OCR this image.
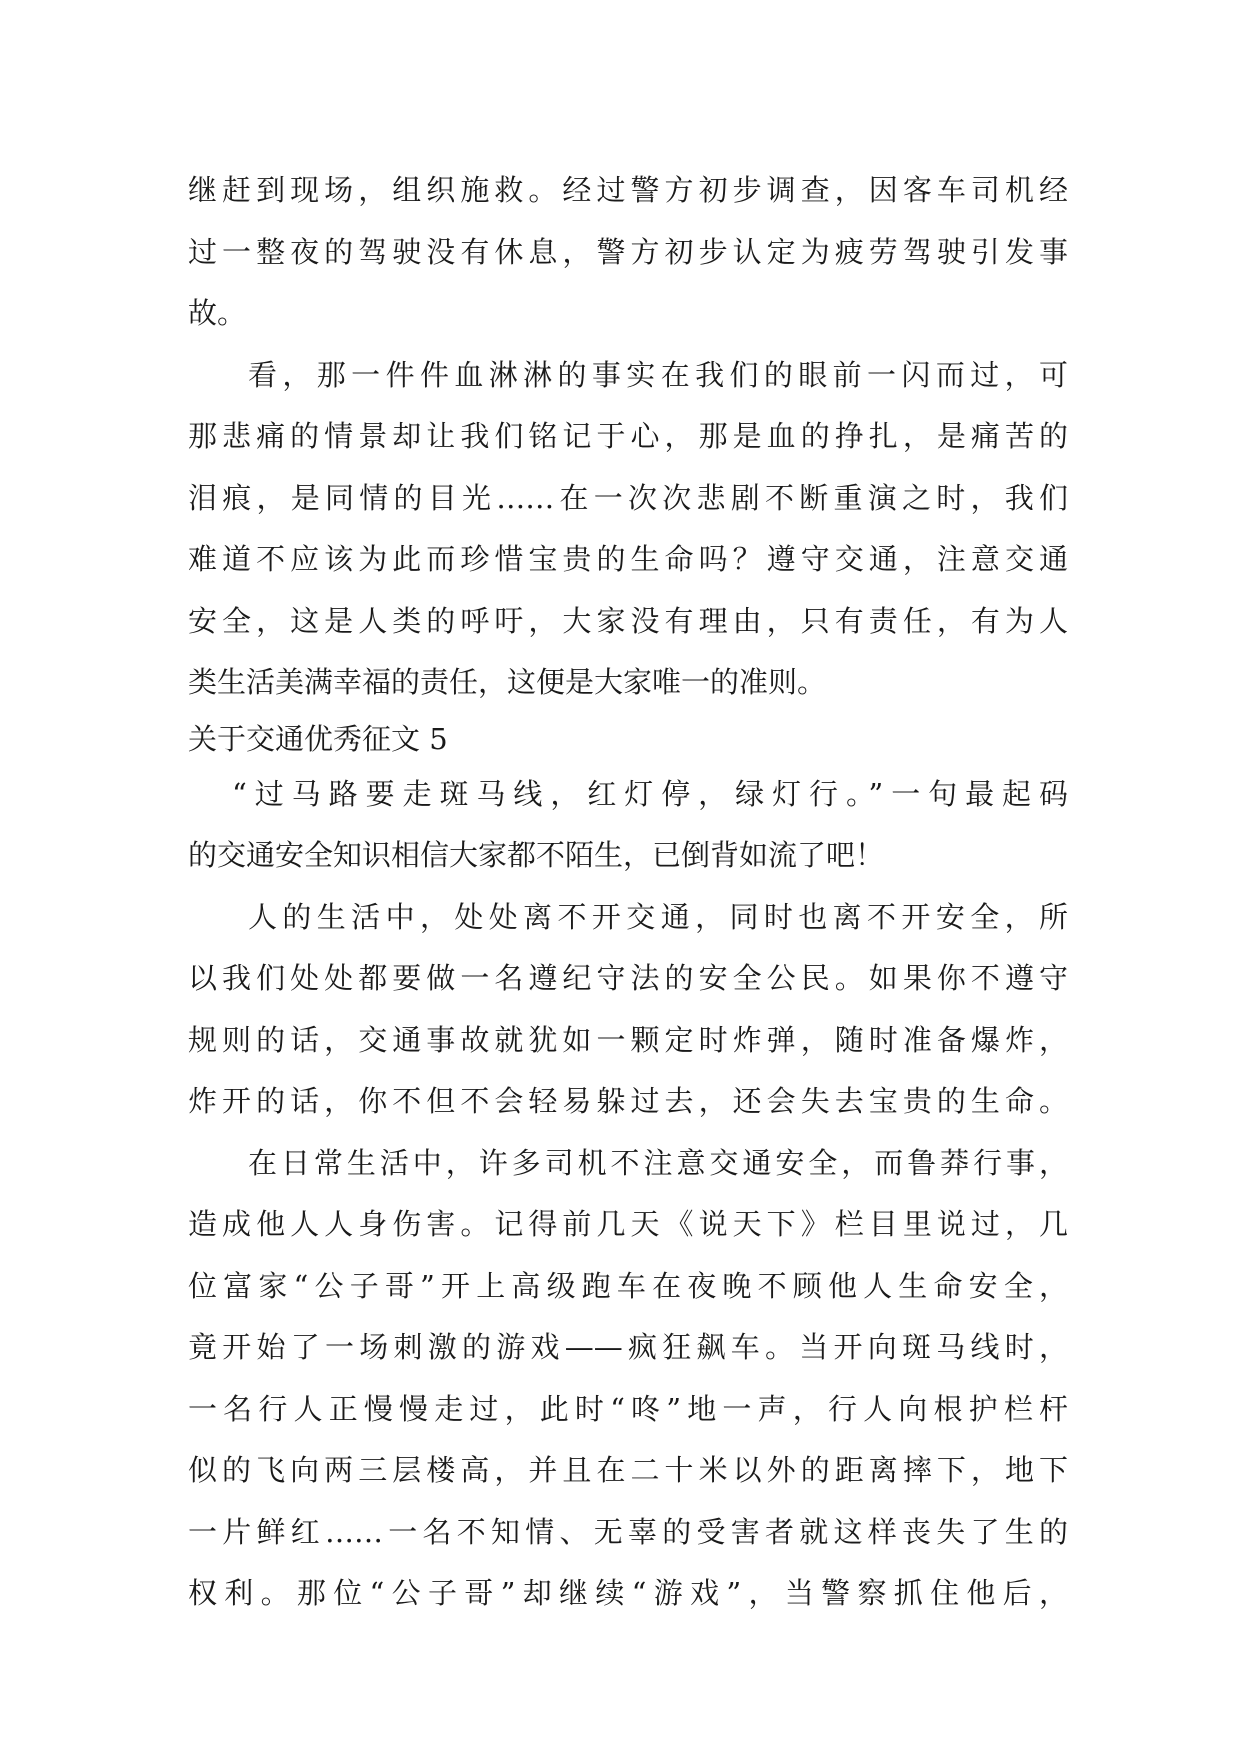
继赶到现场，组织施救。经过警方初步调查，因客车司机经
过一整夜的驾驶没有休息，警方初步认定为疲劳驾驶引发事
故。
看，那一件件血淋淋的事实在我们的眼前一闪而过，可
那悲痛的情景却让我们铭记于心，那是血的挣扎，是痛苦的
泪痕，是同情的目光……在一次次悲剧不断重演之时，我们
难道不应该为此而珍惜宝贵的生命吗？遵守交通，注意交通
安全，这是人类的呼吁，大家没有理由，只有责任，有为人
类生活美满幸福的责任，这便是大家唯一的准则。
关于交通优秀征文 5
“过马路要走斑马线，红灯停，绿灯行。”一句最起码
的交通安全知识相信大家都不陌生，已倒背如流了吧！
人的生活中，处处离不开交通，同时也离不开安全，所
以我们处处都要做一名遵纪守法的安全公民。如果你不遵守
规则的话，交通事故就犹如一颗定时炸弹，随时准备爆炸，
炸开的话，你不但不会轻易躲过去，还会失去宝贵的生命。
在日常生活中，许多司机不注意交通安全，而鲁莽行事，
造成他人人身伤害。记得前几天《说天下》栏目里说过，几
位富家“公子哥”开上高级跑车在夜晚不顾他人生命安全，
竟开始了一场刺激的游戏——疯狂飙车。当开向斑马线时，
一名行人正慢慢走过，此时“咚”地一声，行人向根护栏杆
似的飞向两三层楼高，并且在二十米以外的距离摔下，地下
一片鲜红……一名不知情、无辜的受害者就这样丧失了生的
权利。那位“公子哥”却继续“游戏”，当警察抓住他后，
